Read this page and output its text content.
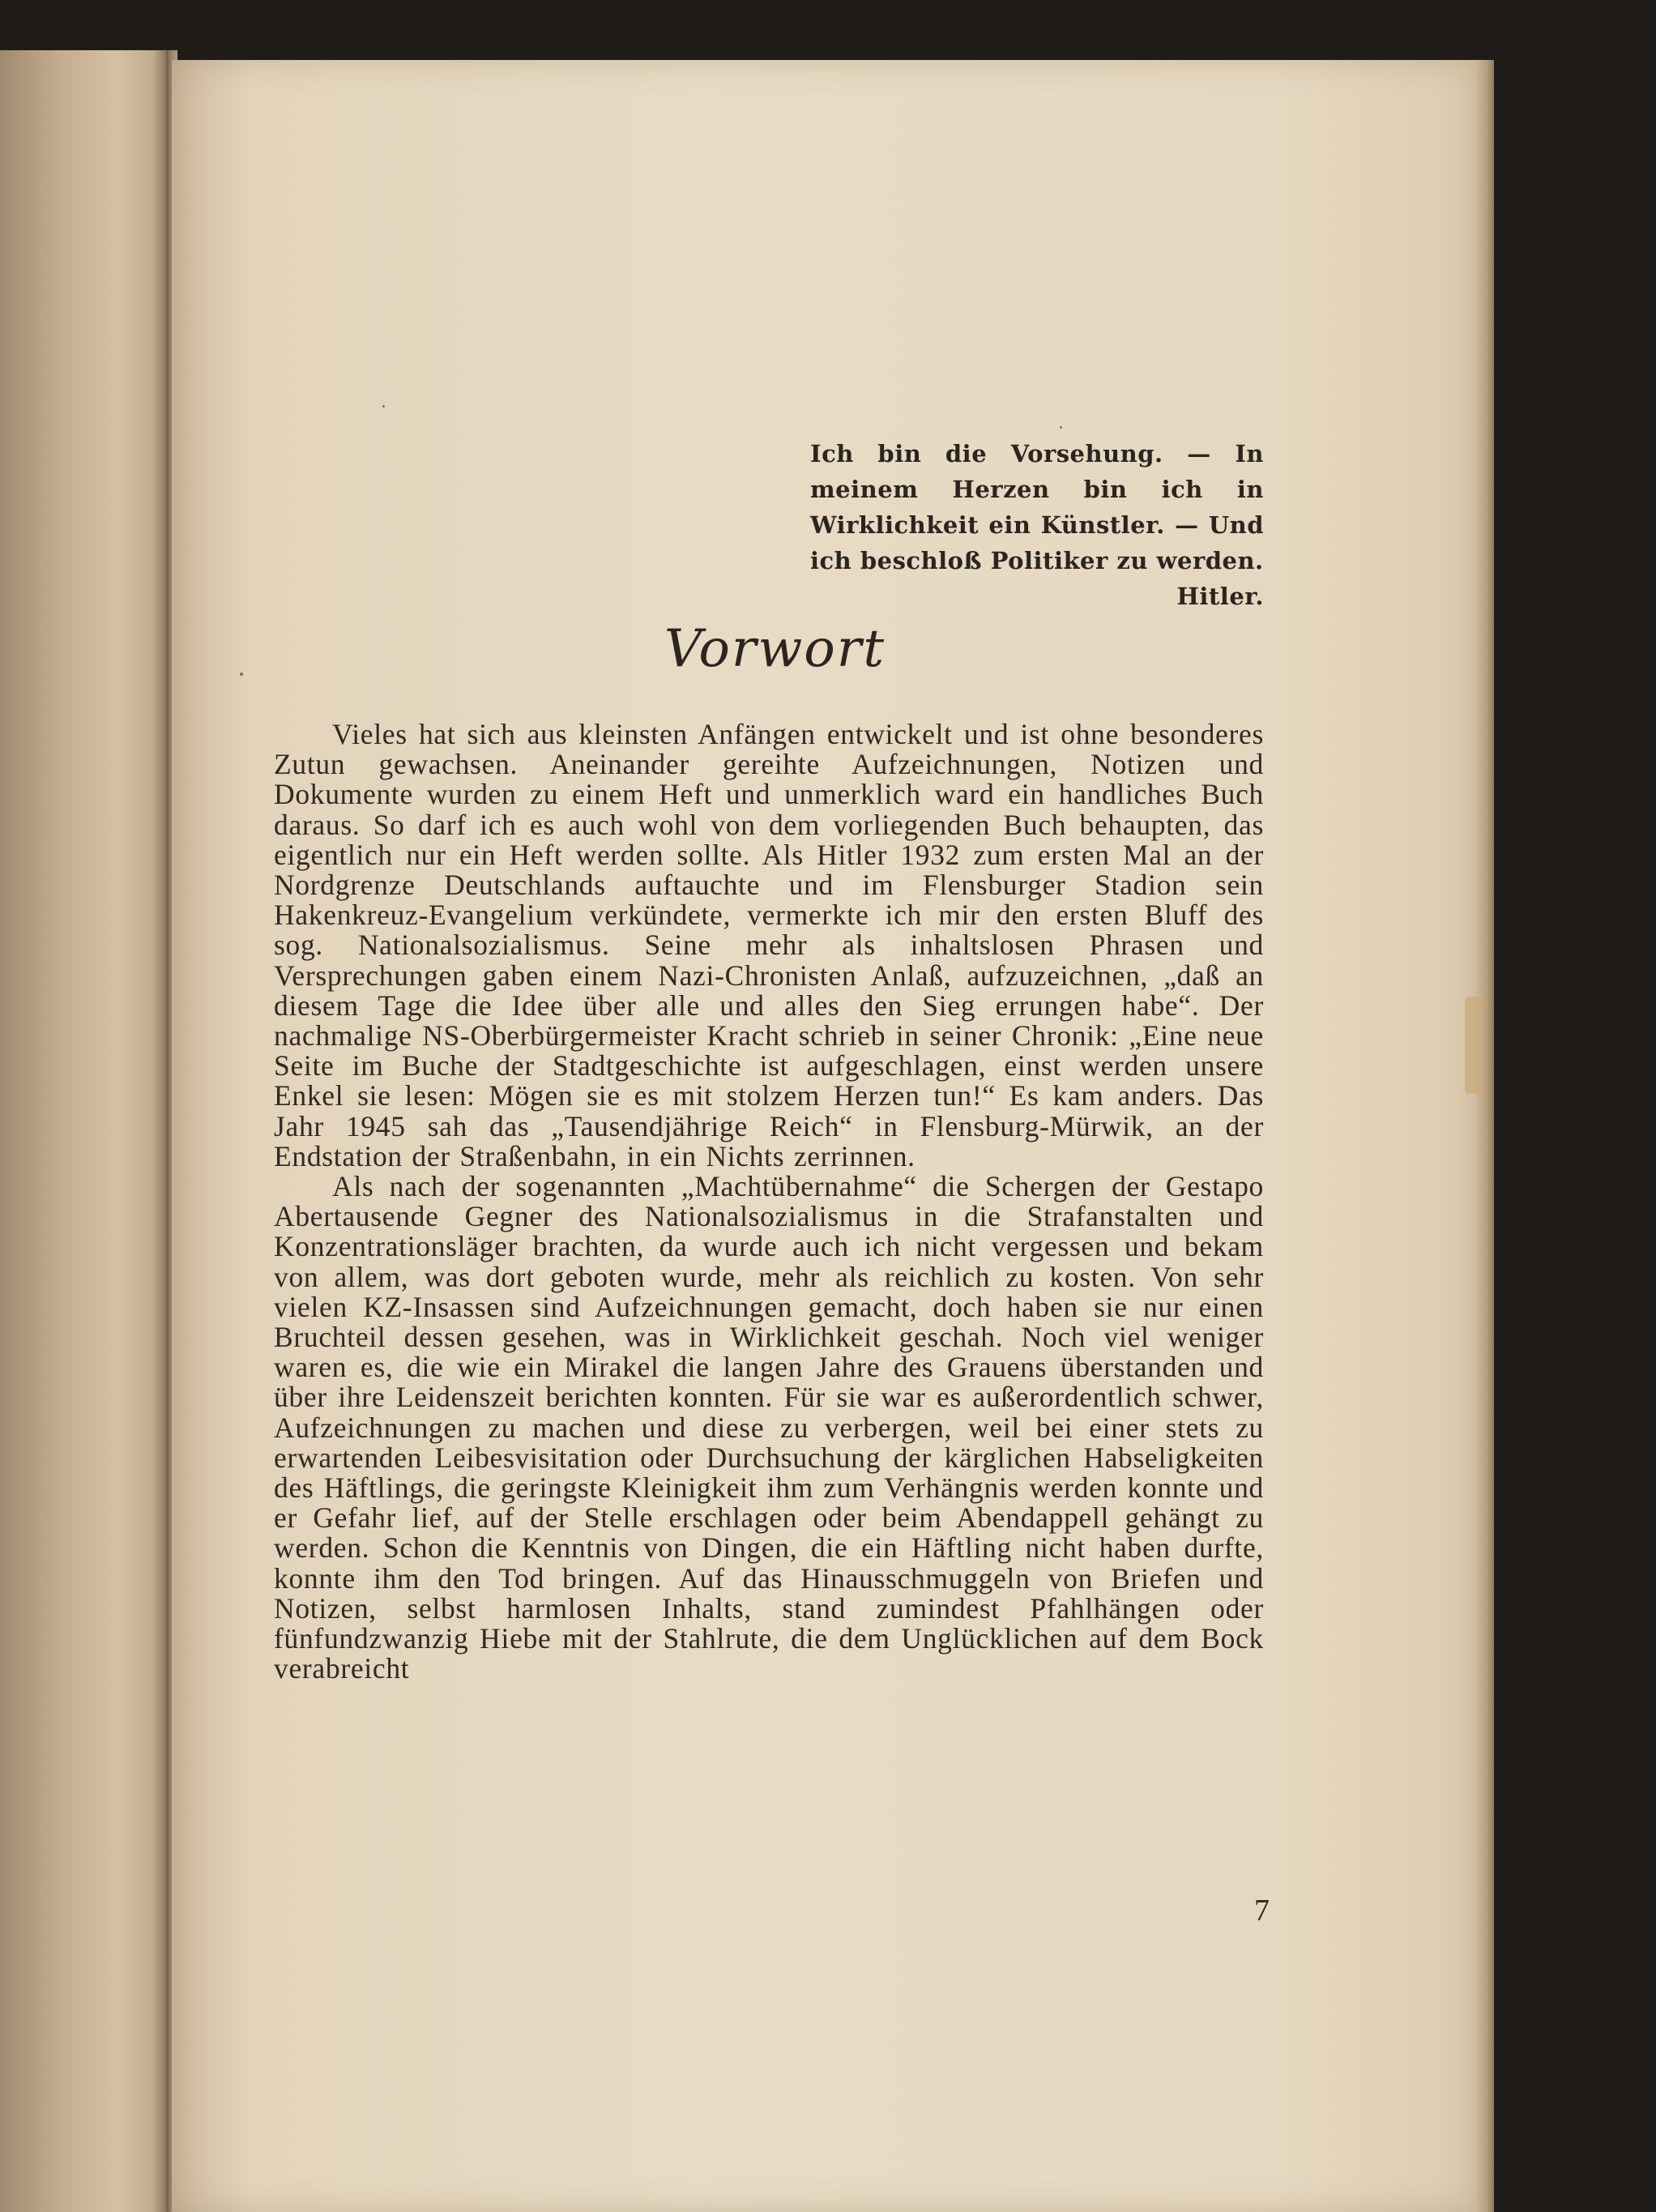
Ich bin die Vorsehung. — In meinem Herzen bin ich in Wirklichkeit ein Künstler. — Und ich beschloß Politiker zu werden.
Hitler.
Vorwort

Vieles hat sich aus kleinsten Anfängen entwickelt und ist ohne besonderes Zutun gewachsen. Aneinander gereihte Aufzeichnungen, Notizen und Dokumente wurden zu einem Heft und unmerklich ward ein handliches Buch daraus. So darf ich es auch wohl von dem vorliegenden Buch behaupten, das eigentlich nur ein Heft werden sollte. Als Hitler 1932 zum ersten Mal an der Nordgrenze Deutschlands auftauchte und im Flensburger Stadion sein Hakenkreuz-Evangelium verkündete, vermerkte ich mir den ersten Bluff des sog. Nationalsozialismus. Seine mehr als inhaltslosen Phrasen und Versprechungen gaben einem Nazi-Chronisten Anlaß, aufzuzeichnen, „daß an diesem Tage die Idee über alle und alles den Sieg errungen habe“. Der nachmalige NS-Oberbürgermeister Kracht schrieb in seiner Chronik: „Eine neue Seite im Buche der Stadtgeschichte ist aufgeschlagen, einst werden unsere Enkel sie lesen: Mögen sie es mit stolzem Herzen tun!“ Es kam anders. Das Jahr 1945 sah das „Tausendjährige Reich“ in Flensburg-Mürwik, an der Endstation der Straßenbahn, in ein Nichts zerrinnen.

Als nach der sogenannten „Machtübernahme“ die Schergen der Gestapo Abertausende Gegner des Nationalsozialismus in die Strafanstalten und Konzentrationsläger brachten, da wurde auch ich nicht vergessen und bekam von allem, was dort geboten wurde, mehr als reichlich zu kosten. Von sehr vielen KZ-Insassen sind Aufzeichnungen gemacht, doch haben sie nur einen Bruchteil dessen gesehen, was in Wirklichkeit geschah. Noch viel weniger waren es, die wie ein Mirakel die langen Jahre des Grauens überstanden und über ihre Leidenszeit berichten konnten. Für sie war es außerordentlich schwer, Aufzeichnungen zu machen und diese zu verbergen, weil bei einer stets zu erwartenden Leibesvisitation oder Durchsuchung der kärglichen Habseligkeiten des Häftlings, die geringste Kleinigkeit ihm zum Verhängnis werden konnte und er Gefahr lief, auf der Stelle erschlagen oder beim Abendappell gehängt zu werden. Schon die Kenntnis von Dingen, die ein Häftling nicht haben durfte, konnte ihm den Tod bringen. Auf das Hinausschmuggeln von Briefen und Notizen, selbst harmlosen Inhalts, stand zumindest Pfahlhängen oder fünfundzwanzig Hiebe mit der Stahlrute, die dem Unglücklichen auf dem Bock verabreicht

7
